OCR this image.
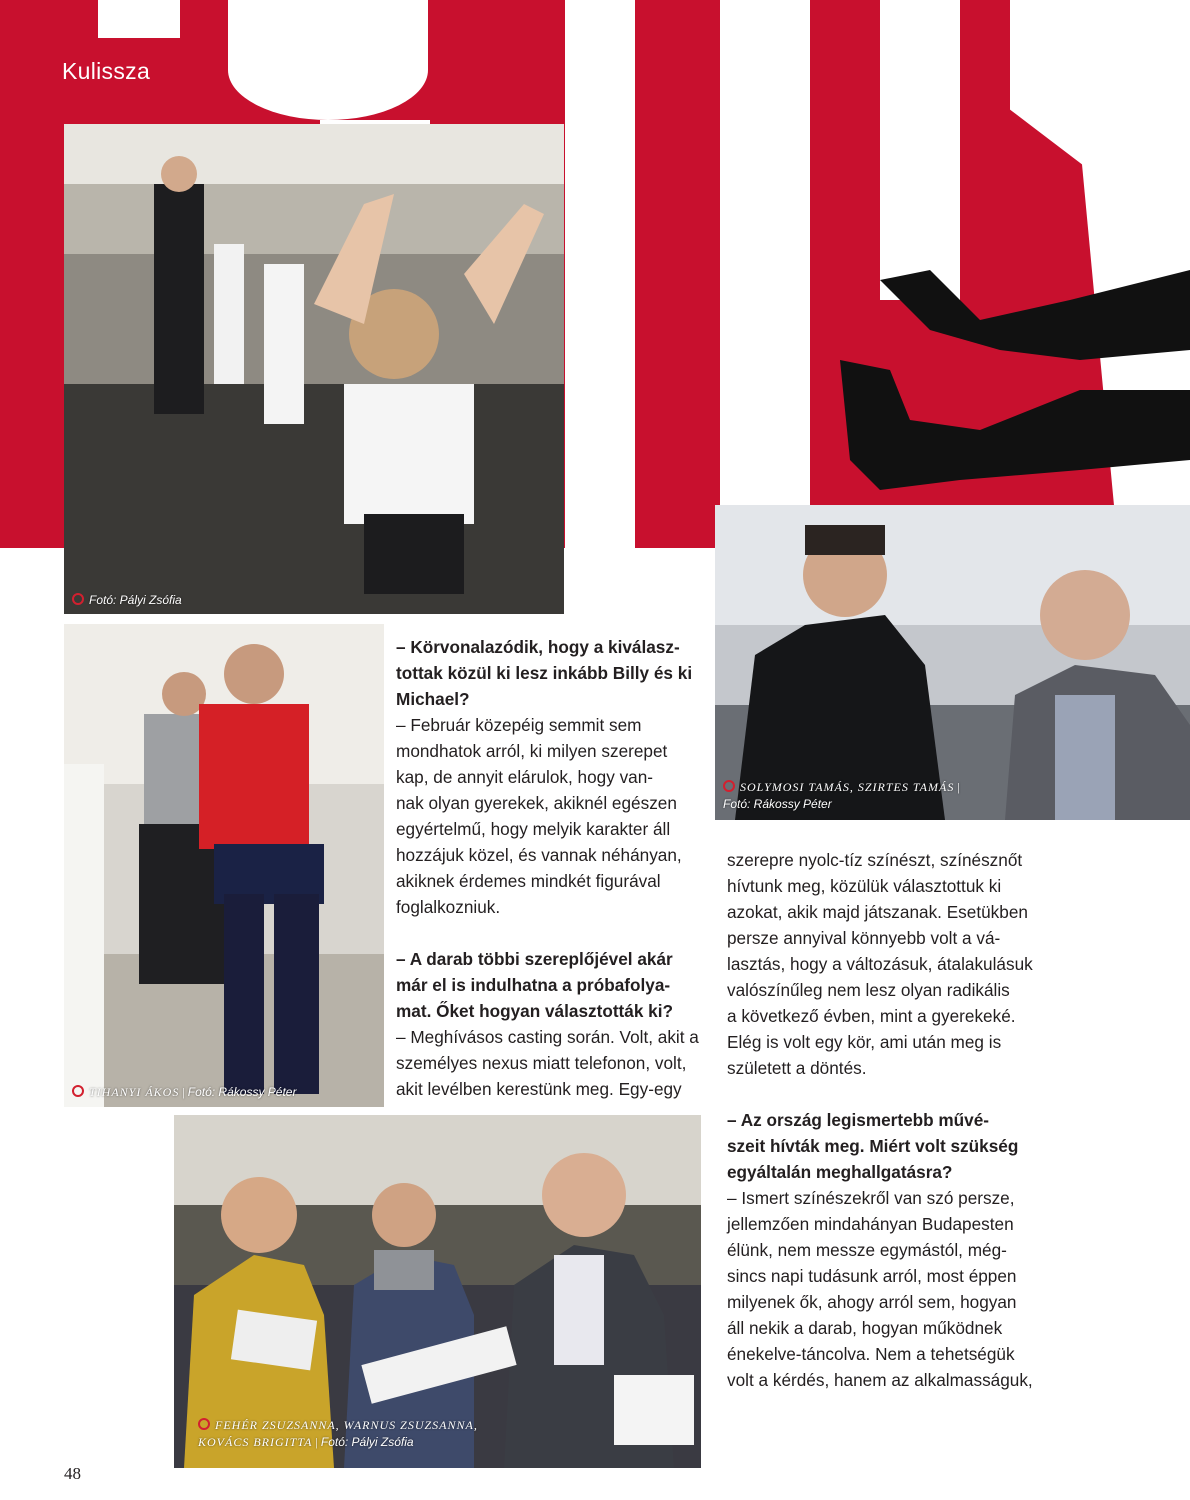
Kulissza
Fotó: Pályi Zsófia
TIHANYI ÁKOS | Fotó: Rákossy Péter
SOLYMOSI TAMÁS, SZIRTES TAMÁS |
Fotó: Rákossy Péter
FEHÉR ZSUZSANNA, WARNUS ZSUZSANNA,
KOVÁCS BRIGITTA | Fotó: Pályi Zsófia

– Körvonalazódik, hogy a kiválasz-
tottak közül ki lesz inkább Billy és ki
Michael?

– Február közepéig semmit sem
mondhatok arról, ki milyen szerepet
kap, de annyit elárulok, hogy van-
nak olyan gyerekek, akiknél egészen
egyértelmű, hogy melyik karakter áll
hozzájuk közel, és vannak néhányan,
akiknek érdemes mindkét figurával
foglalkozniuk.

– A darab többi szereplőjével akár
már el is indulhatna a próbafolya-
mat. Őket hogyan választották ki?

– Meghívásos casting során. Volt, akit a
személyes nexus miatt telefonon, volt,
akit levélben kerestünk meg. Egy-egy

szerepre nyolc-tíz színészt, színésznőt
hívtunk meg, közülük választottuk ki
azokat, akik majd játszanak. Esetükben
persze annyival könnyebb volt a vá-
lasztás, hogy a változásuk, átalakulásuk
valószínűleg nem lesz olyan radikális
a következő évben, mint a gyerekeké.
Elég is volt egy kör, ami után meg is
született a döntés.

– Az ország legismertebb művé-
szeit hívták meg. Miért volt szükség
egyáltalán meghallgatásra?

– Ismert színészekről van szó persze,
jellemzően mindahányan Budapesten
élünk, nem messze egymástól, még-
sincs napi tudásunk arról, most éppen
milyenek ők, ahogy arról sem, hogyan
áll nekik a darab, hogyan működnek
énekelve-táncolva. Nem a tehetségük
volt a kérdés, hanem az alkalmasságuk,

48
